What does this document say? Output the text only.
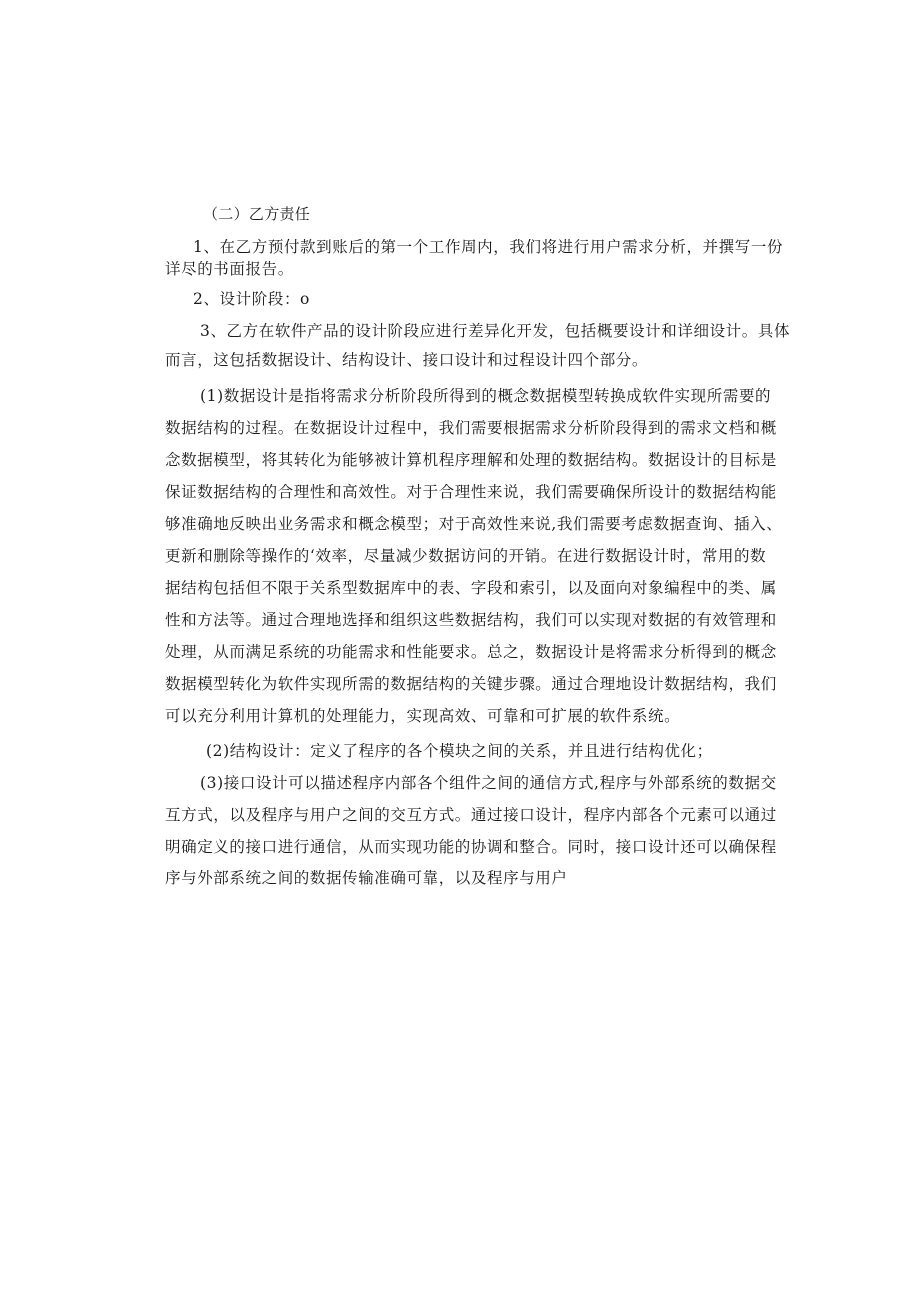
（二）乙方责任
1、在乙方预付款到账后的第一个工作周内，我们将进行用户需求分析，并撰写一份
详尽的书面报告。
2、设计阶段：o
3、乙方在软件产品的设计阶段应进行差异化开发，包括概要设计和详细设计。具体
而言，这包括数据设计、结构设计、接口设计和过程设计四个部分。
(1)数据设计是指将需求分析阶段所得到的概念数据模型转换成软件实现所需要的
数据结构的过程。在数据设计过程中，我们需要根据需求分析阶段得到的需求文档和概
念数据模型，将其转化为能够被计算机程序理解和处理的数据结构。数据设计的目标是
保证数据结构的合理性和高效性。对于合理性来说，我们需要确保所设计的数据结构能
够准确地反映出业务需求和概念模型；对于高效性来说,我们需要考虑数据查询、插入、
更新和删除等操作的‘效率，尽量减少数据访问的开销。在进行数据设计时，常用的数
据结构包括但不限于关系型数据库中的表、字段和索引，以及面向对象编程中的类、属
性和方法等。通过合理地选择和组织这些数据结构，我们可以实现对数据的有效管理和
处理，从而满足系统的功能需求和性能要求。总之，数据设计是将需求分析得到的概念
数据模型转化为软件实现所需的数据结构的关键步骤。通过合理地设计数据结构，我们
可以充分利用计算机的处理能力，实现高效、可靠和可扩展的软件系统。
(2)结构设计：定义了程序的各个模块之间的关系，并且进行结构优化；
(3)接口设计可以描述程序内部各个组件之间的通信方式,程序与外部系统的数据交
互方式，以及程序与用户之间的交互方式。通过接口设计，程序内部各个元素可以通过
明确定义的接口进行通信，从而实现功能的协调和整合。同时，接口设计还可以确保程
序与外部系统之间的数据传输准确可靠，以及程序与用户
